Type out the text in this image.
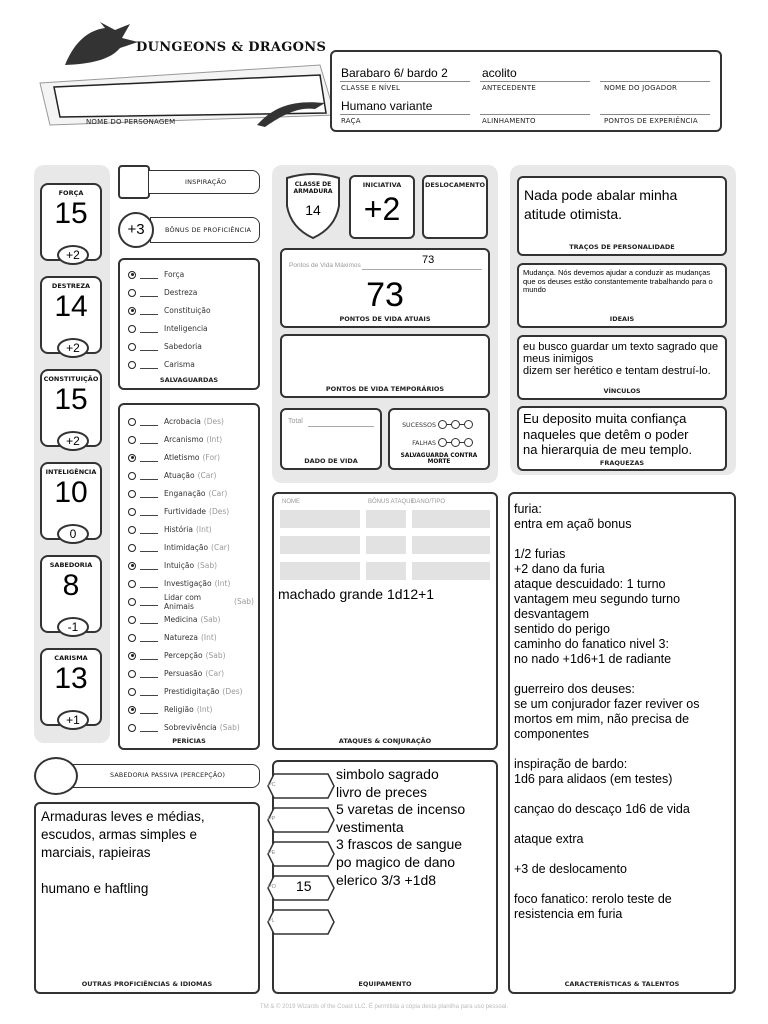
DUNGEONS & DRAGONS
NOME DO PERSONAGEM
Barabaro 6/ bardo 2
CLASSE E NÍVEL
acolito
ANTECEDENTE	NOME DO JOGADOR
Humano variante
RAÇA	ALINHAMENTO	PONTOS DE EXPERIÊNCIA
FORÇA
15
+2
DESTREZA
14
+2
CONSTITUIÇÃO
15
+2
INTELIGÊNCIA
10
0
SABEDORIA
8
-1
CARISMA
13
+1
INSPIRAÇÃO
+3	BÔNUS DE PROFICIÊNCIA
Força
Destreza
Constituição
Inteligencia
Sabedoria
Carisma
SALVAGUARDAS
Acrobacia (Des)
Arcanismo (Int)
Atletismo (For)
Atuação (Car)
Enganação (Car)
Furtividade (Des)
História (Int)
Intimidação (Car)
Intuição (Sab)
Investigação (Int)
Lidar com Animais	(Sab)
Medicina (Sab)
Natureza (Int)
Percepção (Sab)
Persuasão (Car)
Prestidigitação (Des)
Religião (Int)
Sobrevivência (Sab)
PERÍCIAS
SABEDORIA PASSIVA (PERCEPÇÃO)
Armaduras leves e médias,
escudos, armas simples e
marciais, rapieiras

humano e haftling
OUTRAS PROFICIÊNCIAS & IDIOMAS
CLASSE DE ARMADURA
14
INICIATIVA
+2
DESLOCAMENTO
Pontos de Vida Máximos	73
73
PONTOS DE VIDA ATUAIS
PONTOS DE VIDA TEMPORÁRIOS
Total
DADO DE VIDA
SUCESSOS
FALHAS
SALVAGUARDA CONTRA MORTE
NOME	BÔNUS ATAQUE
DANO/TIPO
machado grande 1d12+1
ATAQUES & CONJURAÇÃO
EQUIPAMENTO
PC
PP
PE
PO 15
PL
simbolo sagrado
livro de preces
5 varetas de incenso
vestimenta
3 frascos de sangue
po magico de dano
elerico 3/3 +1d8
Nada pode abalar minha
atitude otimista.
TRAÇOS DE PERSONALIDADE
Mudança. Nós devemos ajudar a conduzir as mudanças que os deuses estão constantemente trabalhando para o mundo
IDEAIS
eu busco guardar um texto sagrado que
meus inimigos
dizem ser herético e tentam destruí-lo.
VÍNCULOS
Eu deposito muita confiança
naqueles que detêm o poder
na hierarquia de meu templo.
FRAQUEZAS
furia:
entra em açaõ bonus

1/2 furias
+2 dano da furia
ataque descuidado: 1 turno
vantagem meu segundo turno
desvantagem
sentido do perigo
caminho do fanatico nivel 3:
no nado +1d6+1 de radiante

guerreiro dos deuses:
se um conjurador fazer reviver os
mortos em mim, não precisa de
componentes

inspiração de bardo:
1d6 para alidaos (em testes)

cançao do descaço 1d6 de vida

ataque extra

+3 de deslocamento

foco fanatico: rerolo teste de
resistencia em furia
CARACTERÍSTICAS & TALENTOS
TM & © 2019 Wizards of the Coast LLC. É permitida a cópia desta planilha para uso pessoal.
